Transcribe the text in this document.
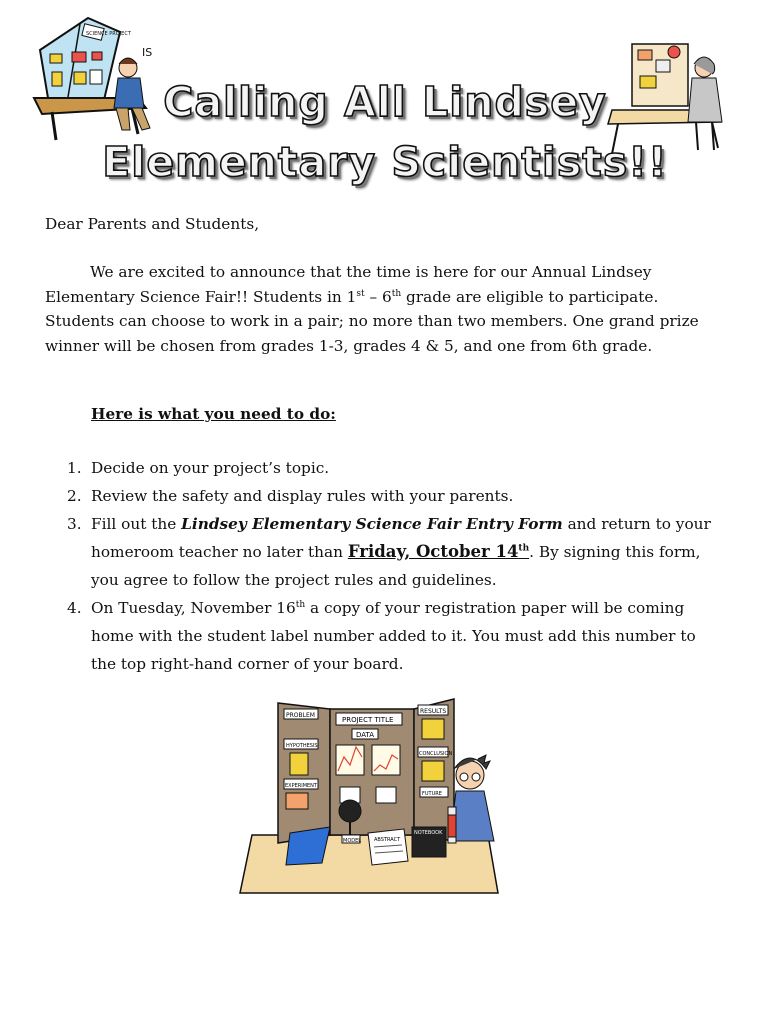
SCIENCE PROJECT
IS
Calling All Lindsey
Elementary Scientists!!
Dear Parents and Students,
We are excited to announce that the time is here for our Annual Lindsey Elementary Science Fair!! Students in 1st – 6th grade are eligible to participate. Students can choose to work in a pair; no more than two members. One grand prize winner will be chosen from grades 1-3, grades 4 & 5, and one from 6th grade.
Here is what you need to do:
1. Decide on your project’s topic.
2. Review the safety and display rules with your parents.
3. Fill out the Lindsey Elementary Science Fair Entry Form and return to your homeroom teacher no later than Friday, October 14th. By signing this form, you agree to follow the project rules and guidelines.
4. On Tuesday, November 16th a copy of your registration paper will be coming home with the student label number added to it. You must add this number to the top right-hand corner of your board.
PROBLEM
PROJECT TITLE
RESULTS
DATA
HYPOTHESIS
CONCLUSION
EXPERIMENT
FUTURE
MODEL	ABSTRACT
NOTEBOOK
